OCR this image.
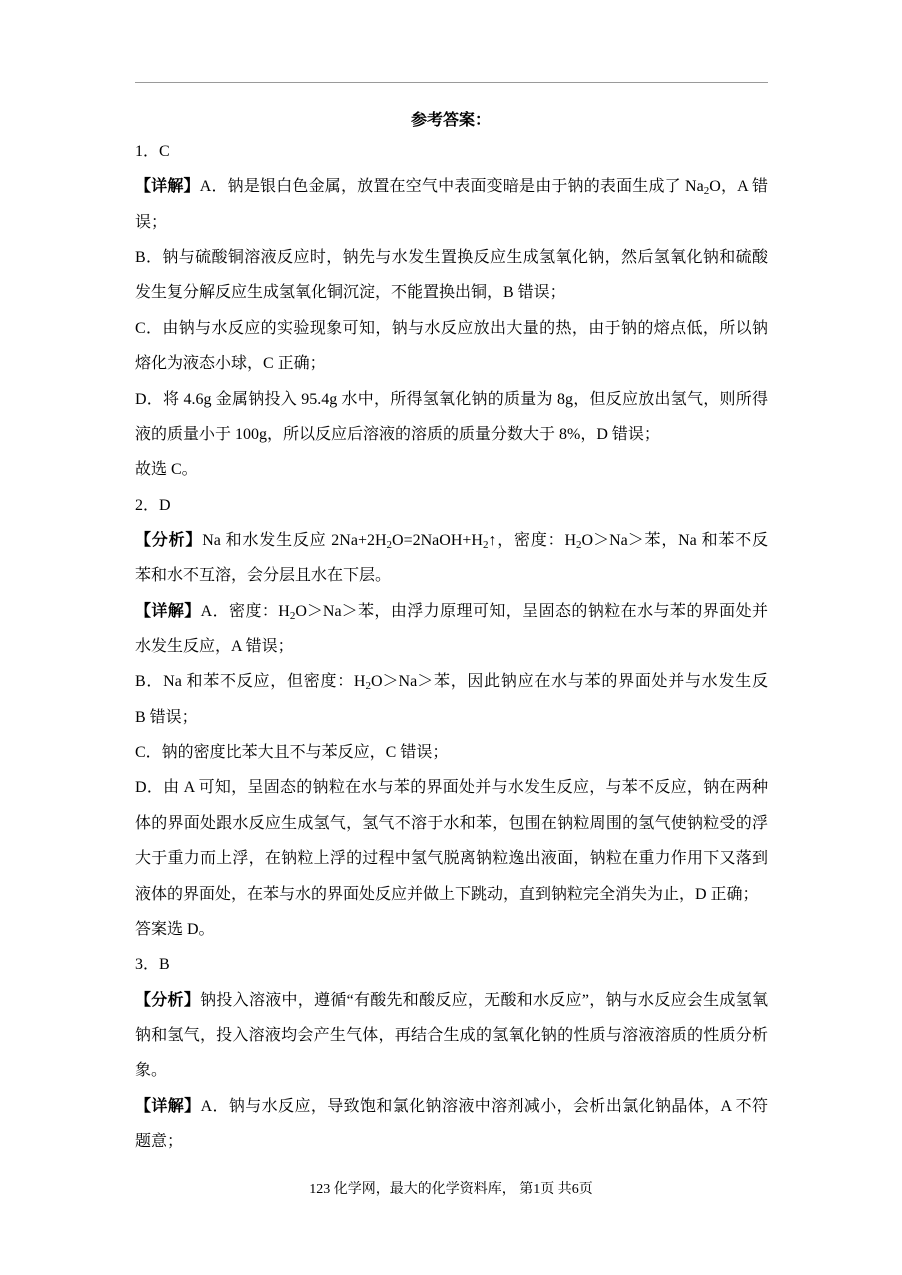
参考答案：
1．C
【详解】A．钠是银白色金属，放置在空气中表面变暗是由于钠的表面生成了 $Na_2O$，A 错
误；
B．钠与硫酸铜溶液反应时，钠先与水发生置换反应生成氢氧化钠，然后氢氧化钠和硫酸
发生复分解反应生成氢氧化铜沉淀，不能置换出铜，B 错误；
C．由钠与水反应的实验现象可知，钠与水反应放出大量的热，由于钠的熔点低，所以钠
熔化为液态小球，C 正确；
D．将 4.6g 金属钠投入 95.4g 水中，所得氢氧化钠的质量为 8g，但反应放出氢气，则所得
液的质量小于 100g，所以反应后溶液的溶质的质量分数大于 8%，D 错误；
故选 C。
2．D
【分析】Na 和水发生反应 $2Na+2H_2O=2NaOH+H_2↑$，密度：$H_2O>Na>$苯，Na 和苯不反
苯和水不互溶，会分层且水在下层。
【详解】A．密度：$H_2O>Na>$苯，由浮力原理可知，呈固态的钠粒在水与苯的界面处并
水发生反应，A 错误；
B．Na 和苯不反应，但密度：$H_2O>Na>$苯，因此钠应在水与苯的界面处并与水发生反
B 错误；
C．钠的密度比苯大且不与苯反应，C 错误；
D．由 A 可知，呈固态的钠粒在水与苯的界面处并与水发生反应，与苯不反应，钠在两种
体的界面处跟水反应生成氢气，氢气不溶于水和苯，包围在钠粒周围的氢气使钠粒受的浮
大于重力而上浮，在钠粒上浮的过程中氢气脱离钠粒逸出液面，钠粒在重力作用下又落到
液体的界面处，在苯与水的界面处反应并做上下跳动，直到钠粒完全消失为止，D 正确；
答案选 D。
3．B
【分析】钠投入溶液中，遵循“有酸先和酸反应，无酸和水反应”，钠与水反应会生成氢氧
钠和氢气，投入溶液均会产生气体，再结合生成的氢氧化钠的性质与溶液溶质的性质分析
象。
【详解】A．钠与水反应，导致饱和氯化钠溶液中溶剂减小，会析出氯化钠晶体，A 不符
题意；
123 化学网，最大的化学资料库， 第1页 共6页
